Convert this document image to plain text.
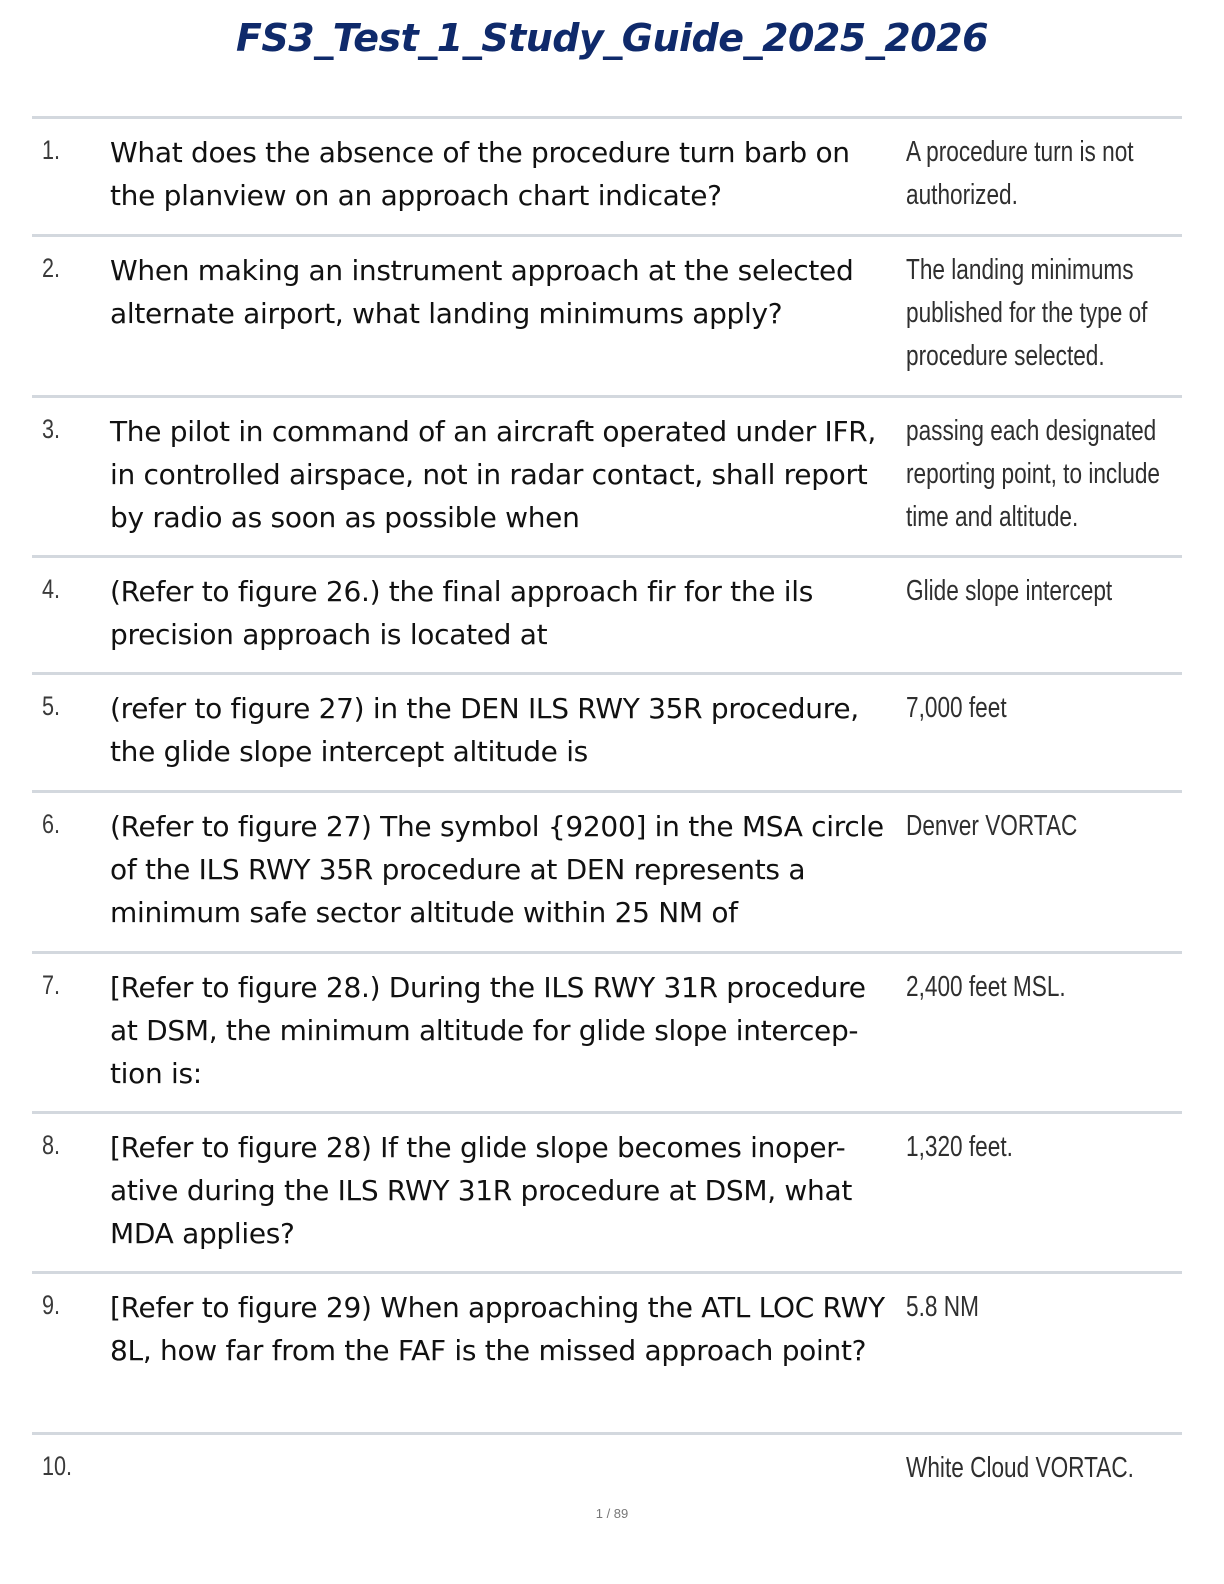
FS3_Test_1_Study_Guide_2025_2026
1. What does the absence of the procedure turn barb on the planview on an approach chart indicate?
A procedure turn is not authorized.
2. When making an instrument approach at the selected alternate airport, what landing minimums apply?
The landing minimums published for the type of procedure selected.
3. The pilot in command of an aircraft operated under IFR, in controlled airspace, not in radar contact, shall report by radio as soon as possible when
passing each designated reporting point, to include time and altitude.
4. (Refer to figure 26.) the final approach fir for the ils precision approach is located at
Glide slope intercept
5. (refer to figure 27) in the DEN ILS RWY 35R procedure, the glide slope intercept altitude is
7,000 feet
6. (Refer to figure 27) The symbol {9200] in the MSA circle of the ILS RWY 35R procedure at DEN represents a minimum safe sector altitude within 25 NM of
Denver VORTAC
7. [Refer to figure 28.) During the ILS RWY 31R procedure at DSM, the minimum altitude for glide slope intercep-tion is:
2,400 feet MSL.
8. [Refer to figure 28) If the glide slope becomes inoper-ative during the ILS RWY 31R procedure at DSM, what MDA applies?
1,320 feet.
9. [Refer to figure 29) When approaching the ATL LOC RWY 8L, how far from the FAF is the missed approach point?
5.8 NM
10.	White Cloud VORTAC.
1 / 89
